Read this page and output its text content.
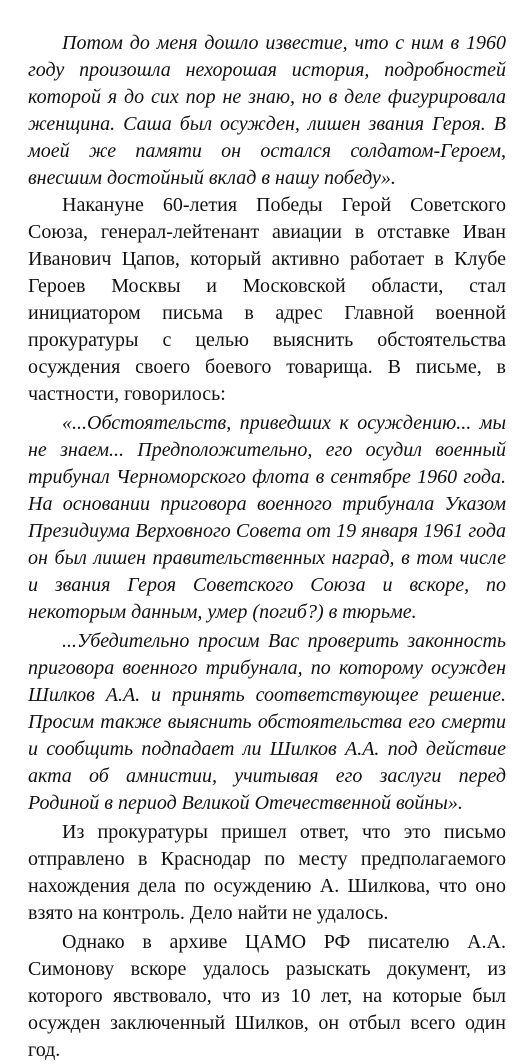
Потом до меня дошло известие, что с ним в 1960 году произошла нехорошая история, подробностей которой я до сих пор не знаю, но в деле фигурировала женщина. Саша был осужден, лишен звания Героя. В моей же памяти он остался солдатом-Героем, внесшим достойный вклад в нашу победу».

Накануне 60-летия Победы Герой Советского Союза, генерал-лейтенант авиации в отставке Иван Иванович Цапов, который активно работает в Клубе Героев Москвы и Московской области, стал инициатором письма в адрес Главной военной прокуратуры с целью выяснить обстоятельства осуждения своего боевого товарища. В письме, в частности, говорилось:

«...Обстоятельств, приведших к осуждению... мы не знаем... Предположительно, его осудил военный трибунал Черноморского флота в сентябре 1960 года. На основании приговора военного трибунала Указом Президиума Верховного Совета от 19 января 1961 года он был лишен правительственных наград, в том числе и звания Героя Советского Союза и вскоре, по некоторым данным, умер (погиб?) в тюрьме.

...Убедительно просим Вас проверить законность приговора военного трибунала, по которому осужден Шилков А.А. и принять соответствующее решение. Просим также выяснить обстоятельства его смерти и сообщить подпадает ли Шилков А.А. под действие акта об амнистии, учитывая его заслуги перед Родиной в период Великой Отечественной войны».

Из прокуратуры пришел ответ, что это письмо отправлено в Краснодар по месту предполагаемого нахождения дела по осуждению А. Шилкова, что оно взято на контроль. Дело найти не удалось.

Однако в архиве ЦАМО РФ писателю А.А. Симонову вскоре удалось разыскать документ, из которого явствовало, что из 10 лет, на которые был осужден заключенный Шилков, он отбыл всего один год.
